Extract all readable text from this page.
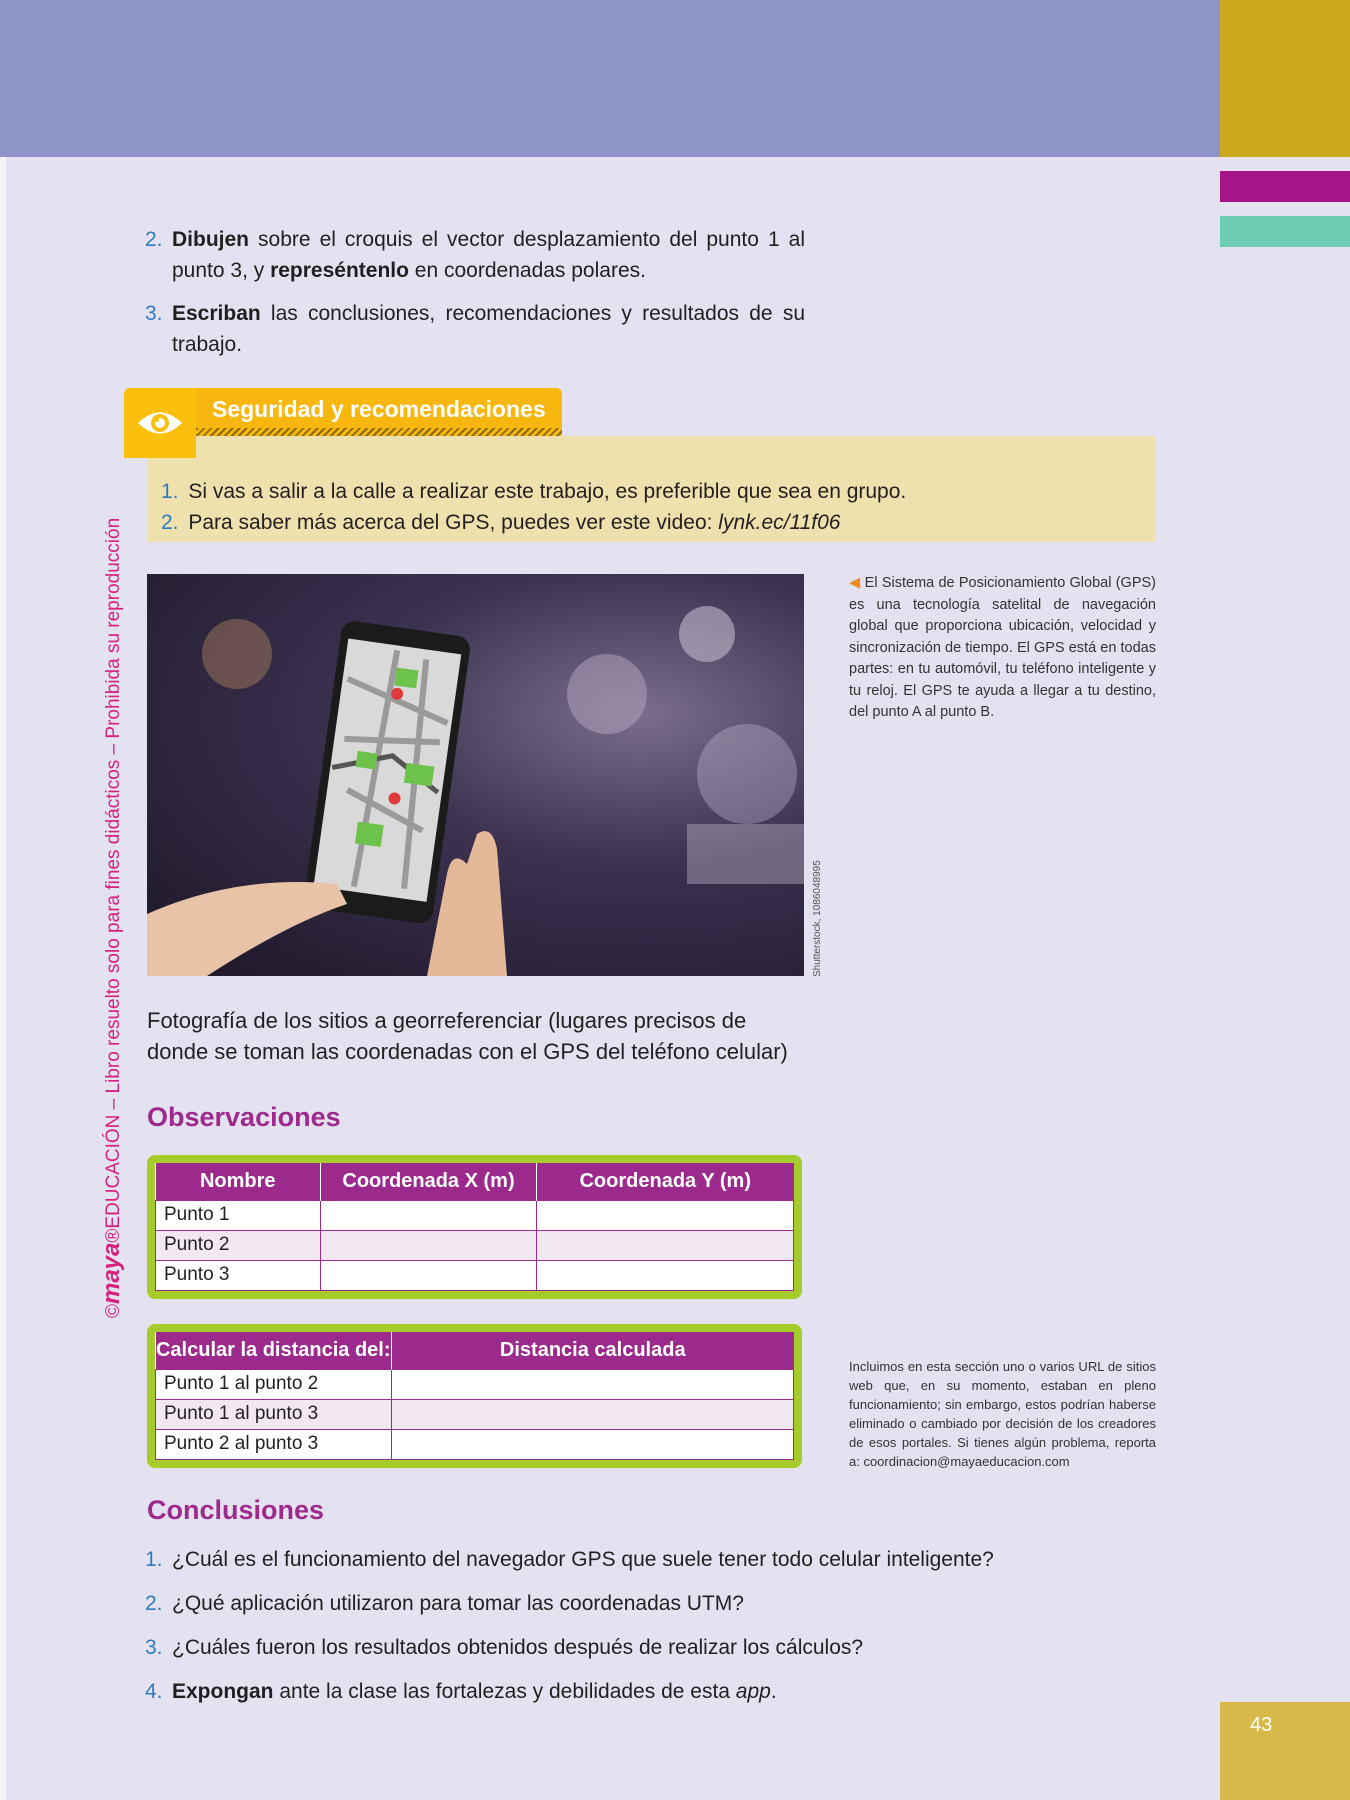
©maya®EDUCACIÓN – Libro resuelto solo para fines didácticos – Prohibida su reproducción
2. Dibujen sobre el croquis el vector desplazamiento del punto 1 al punto 3, y represéntenlo en coordenadas polares.
3. Escriban las conclusiones, recomendaciones y resultados de su trabajo.
Seguridad y recomendaciones
1. Si vas a salir a la calle a realizar este trabajo, es preferible que sea en grupo.
2. Para saber más acerca del GPS, puedes ver este video: lynk.ec/11f06
Shutterstock, 1086048995
◀ El Sistema de Posicionamiento Global (GPS) es una tecnología satelital de navegación global que proporciona ubicación, velocidad y sincronización de tiempo. El GPS está en todas partes: en tu automóvil, tu teléfono inteligente y tu reloj. El GPS te ayuda a llegar a tu destino, del punto A al punto B.
Fotografía de los sitios a georreferenciar (lugares precisos de donde se toman las coordenadas con el GPS del teléfono celular)
Observaciones
Nombre	Coordenada X (m)	Coordenada Y (m)
Punto 1		
Punto 2		
Punto 3		
Calcular la distancia del:	Distancia calculada
Punto 1 al punto 2	
Punto 1 al punto 3	
Punto 2 al punto 3	
Incluimos en esta sección uno o varios URL de sitios web que, en su momento, estaban en pleno funcionamiento; sin embargo, estos podrían haberse eliminado o cambiado por decisión de los creadores de esos portales. Si tienes algún problema, reporta a: coordinacion@mayaeducacion.com
Conclusiones
1. ¿Cuál es el funcionamiento del navegador GPS que suele tener todo celular inteligente?
2. ¿Qué aplicación utilizaron para tomar las coordenadas UTM?
3. ¿Cuáles fueron los resultados obtenidos después de realizar los cálculos?
4. Expongan ante la clase las fortalezas y debilidades de esta app.
43
